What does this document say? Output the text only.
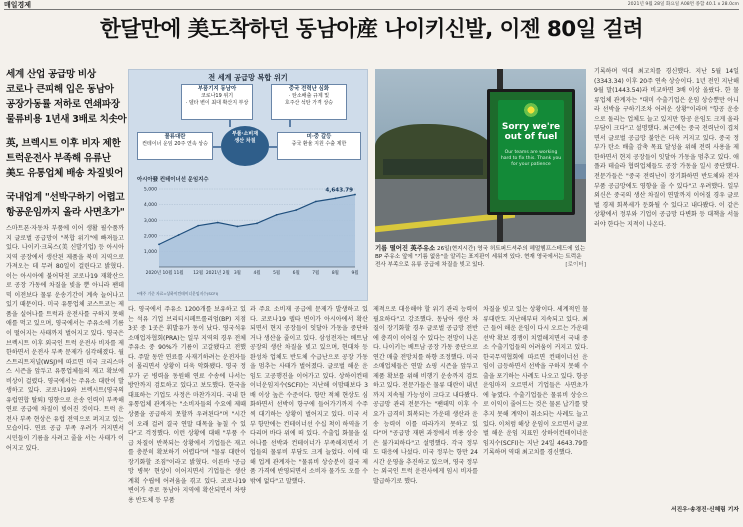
매일경제	2021년 9월 28일 화요일 A08면 종합 40.1 x 28.0cm
한달만에 美도착하던 동남아産 나이키신발, 이젠 80일 걸려
세계 산업 공급망 비상
코로나 큰피해 입은 동남아
공장가동률 저하로 연쇄파장
물류비용 1년새 3배로 치솟아
英, 브렉시트 이후 비자 제한
트럭운전사 부족해 유류난
美도 유통업체 배송 차질빚어
국내업계 "선박구하기 어렵고
항공운임까지 올라 사면초가"

스마트폰·자동차 부품에 이어 생활 필수품까지 글로벌 공급망이 "복합 위기"에 빠져들고 있다. 나이키·크록스(美 신발기업) 등 아시아 지역 공장에서 생산된 제품을 북미 지역으로 가져오는 데 무려 80일이 걸린다고 밝혔다. 이는 아시아에 불어닥친 코로나19 재확산으로 공장 가동에 차질을 빚을 뿐 아니라 팬데믹 이전보다 물류 운송기간이 계속 늘어나고 있기 때문이다. 미국 유통업체 코스트코는 제품을 실어나를 트럭과 운전사를 구하지 못해 애를 먹고 있으며, 영국에서는 주유소에 기름이 떨어지는 사태까지 벌어지고 있다. 영국은 브렉시트 이후 외국인 트럭 운전사 비자를 제한하면서 운전사 부족 문제가 심각해졌다. 월스트리트저널(WSJ)에 따르면 미국 크리스마스 시즌을 앞두고 유통업체들의 재고 확보에 비상이 걸렸다. 영국에서는 주유소 대란이 발생하고 있다. 코로나19와 브렉시트(영국의 유럽연합 탈퇴) 영향으로 운송 인력이 부족해 연료 공급에 차질이 빚어진 것이다. 트럭 운전사 부족 현상은 유럽 전역으로 퍼지고 있는 모습이다. 연료 공급 부족 우려가 커지면서 시민들이 기름을 사려고 줄을 서는 사태가 이어지고 있다.

다. 영국에서 주유소 1200개를 보유하고 있는 석유 기업 브리티시페트롤리엄(BP) 지점 3곳 중 1곳은 휘발유가 동이 났다. 영국석유소매업자협회(PRA)는 일부 지역의 경우 전체 주유소 중 90%가 기름이 고갈됐다고 전했다. 주말 동안 연료를 사재기하려는 운전자들이 몰리면서 상황이 더욱 악화됐다. 영국 정부가 군 병력을 동원해 연료 수송에 나서는 방안까지 검토하고 있다고 보도했다. 한국을 대표하는 기업도 사정은 마찬가지다. 국내 한 유통업체 관계자는 "소비자들의 수요에 제때 상품을 공급하지 못할까 우려된다"며 "시간이 오래 걸려 결국 연말 대목을 놓칠 수 있다"고 걱정했다. 이런 상황에 대해 "부품 수급 차질이 반복되는 상황에서 기업들은 재고를 충분히 확보하기 어렵다"며 "물류 대란이 장기화할 조짐"이라고 밝혔다. 이른바 '공급망 병목' 현상이 이어지면서 기업들은 생산 계획 수립에 어려움을 겪고 있다. 코로나19 변이가 주로 동남아 지역에 확산되면서 차량용 반도체 등 부품

과 주요 소비재 공급에 문제가 발생하고 있다. 코로나19 델타 변이가 아시아에서 확산되면서 현지 공장들이 잇달아 가동을 중단하거나 생산을 줄이고 있다. 삼성전자는 베트남 공장의 생산 차질을 빚고 있으며, 현대차 등 완성차 업체도 반도체 수급난으로 공장 가동을 멈추는 사태가 벌어졌다. 글로벌 해운 운임도 고공행진을 이어가고 있다. 상하이컨테이너운임지수(SCFI)는 지난해 이맘때보다 3배 이상 높은 수준이다. 항만 적체 현상도 심화하면서 선박이 항구에 들어가기까지 수주씩 대기하는 상황이 벌어지고 있다. 미국 서부 항만에는 컨테이너선 수십 척이 하역을 기다리며 바다 위에 떠 있다. 수출입 화물을 실어나를 선박과 컨테이너가 부족해지면서 기업들의 물류비 부담도 크게 늘었다. 이에 대해 업계 관계자는 "물류비 상승분이 결국 제품 가격에 반영되면서 소비자 물가도 오를 수밖에 없다"고 말했다.

제적으로 대응해야 할 위기 관리 능력이 필요하다"고 강조했다. 동남아 생산 차질이 장기화할 경우 글로벌 공급망 전반에 충격이 이어질 수 있다는 전망이 나온다. 나이키는 베트남 공장 가동 중단으로 연간 매출 전망치를 하향 조정했다. 미국 소매업체들은 연말 쇼핑 시즌을 앞두고 제품 확보를 위해 비행기 운송까지 검토하고 있다. 전문가들은 물류 대란이 내년까지 지속될 가능성이 크다고 내다봤다. 공급망 관리 전문가는 "팬데믹 이후 수요가 급격히 회복되는 가운데 생산과 운송 능력이 이를 따라가지 못하고 있다"며 "공급망 재편 과정에서 비용 상승은 불가피하다"고 설명했다. 각국 정부도 대응에 나섰다. 미국 정부는 항만 24시간 운영을 추진하고 있으며, 영국 정부는 외국인 트럭 운전사에게 임시 비자를 발급하기로 했다.

차질을 빚고 있는 상황이다. 세계적인 물류대란도 지난해부터 지속되고 있다. 최근 들어 해운 운임이 다시 오르는 가운데 선박 확보 경쟁이 치열해지면서 국내 중소 수출기업들의 어려움이 커지고 있다. 한국무역협회에 따르면 컨테이너선 운임이 급등하면서 선박을 구하지 못해 수출을 포기하는 사례도 나오고 있다. 항공 운임마저 오르면서 기업들은 사면초가에 놓였다. 수출기업들은 물류비 상승으로 이익이 줄어드는 것은 물론 납기를 맞추지 못해 계약이 취소되는 사례도 늘고 있다. 이처럼 해상 운임이 오르면서 글로벌 해운 운임 지표인 상하이컨테이너운임지수(SCFI)는 지난 24일 4643.79를 기록하며 역대 최고치를 경신했다.

기록하며 역대 최고치를 경신했다. 지난 5월 14일(3343.34) 이후 20주 연속 상승이다. 1년 전인 지난해 9월 말(1443.54)과 비교하면 3배 이상 올랐다. 한 물류업체 관계자는 "대미 수출기업은 운임 상승뿐만 아니라 선박을 구하기조차 어려운 상황"이라며 "항공 운송으로 돌리는 업체도 늘고 있지만 항공 운임도 크게 올라 부담이 크다"고 설명했다. 최근에는 중국 전력난이 겹치면서 글로벌 공급망 불안은 더욱 커지고 있다. 중국 정부가 탄소 배출 감축 목표 달성을 위해 전력 사용을 제한하면서 현지 공장들이 잇달아 가동을 멈추고 있다. 애플과 테슬라 협력업체들도 공장 가동을 일시 중단했다. 전문가들은 "중국 전력난이 장기화하면 반도체와 전자부품 공급망에도 영향을 줄 수 있다"고 우려했다. 일부 외신은 중국의 생산 차질이 연말까지 이어질 경우 글로벌 경제 회복세가 둔화될 수 있다고 내다봤다. 이 같은 상황에서 정부와 기업이 공급망 다변화 등 대책을 서둘러야 한다는 지적이 나온다.

서진우·송경진·신혜림 기자
전 세계 공급망 복합 위기
부품기지 동남아
코로나19 위기
· 델타 변이 최대 확산지 부상
중국 전력난 심화
· 탄소배출 규제 및
호주산 석탄 가격 상승
물류대란
컨테이너 운임 20주 연속 상승
부품·소비재
생산 차질
미·중 갈등
중국 환율 지원 수출 제한
아시아發 컨테이너선 운임지수
1,000
2,000
3,000
4,000
5,000
2020년 10월 11월 12월 2021년 2월 3월	4월	5월	6월	7월	8월	9월
4,643.79
*매주 기준 자료=상하이컨테이너운임지수(SCFI)
Sorry we're
out of fuel
Our teams are working hard to fix this. Thank you for your patience
기름 떨어진 英주유소 26일(현지시간) 영국 허트퍼드셔주의 헤멀헴프스테드에 있는 BP 주유소 앞에 "기름 없음"을 알리는 표지판이 세워져 있다. 현재 영국에서는 트럭운전사 부족으로 유류 공급에 차질을 빚고 있다.	[로이터]
